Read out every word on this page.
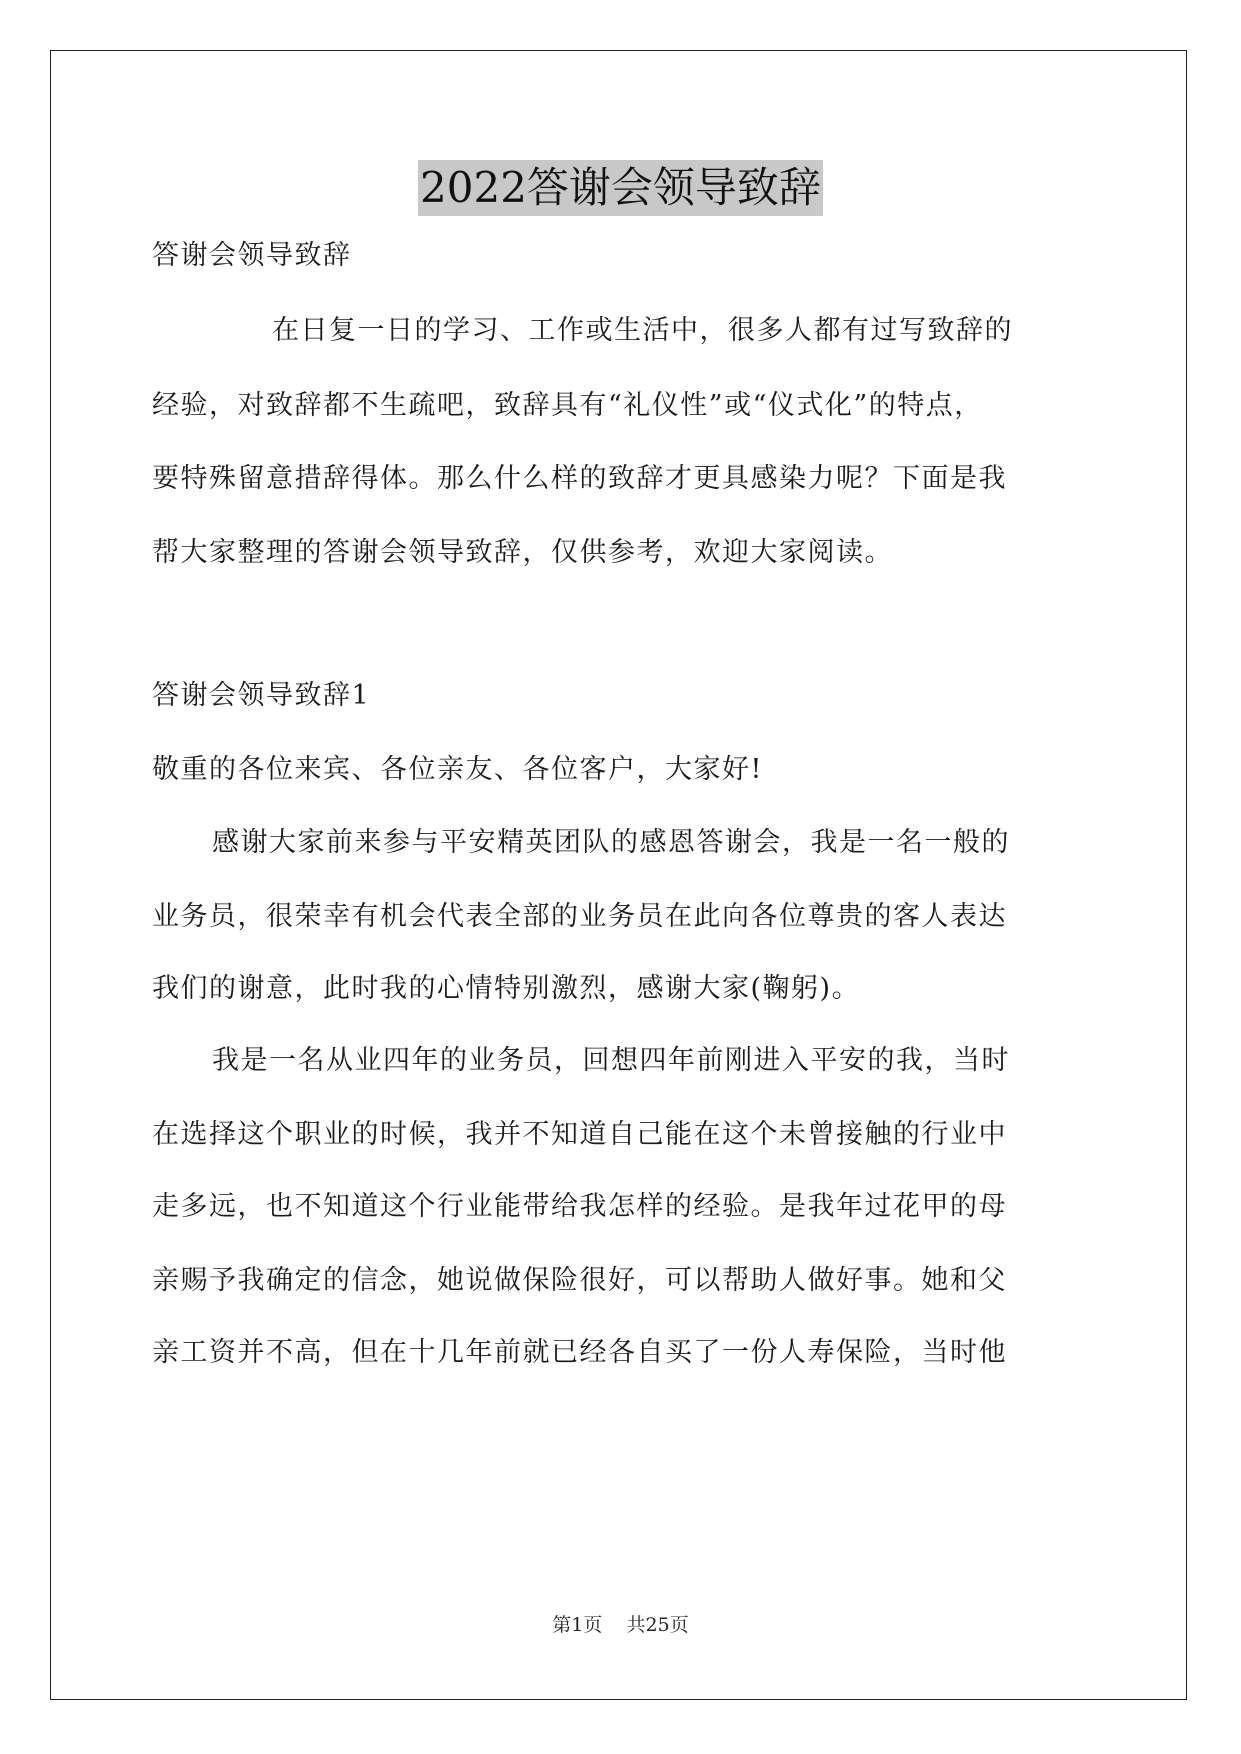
2022答谢会领导致辞
答谢会领导致辞
在日复一日的学习、工作或生活中，很多人都有过写致辞的
经验，对致辞都不生疏吧，致辞具有“礼仪性”或“仪式化”的特点，
要特殊留意措辞得体。那么什么样的致辞才更具感染力呢？下面是我
帮大家整理的答谢会领导致辞，仅供参考，欢迎大家阅读。
答谢会领导致辞1
敬重的各位来宾、各位亲友、各位客户，大家好!
感谢大家前来参与平安精英团队的感恩答谢会，我是一名一般的
业务员，很荣幸有机会代表全部的业务员在此向各位尊贵的客人表达
我们的谢意，此时我的心情特别激烈，感谢大家(鞠躬)。
我是一名从业四年的业务员，回想四年前刚进入平安的我，当时
在选择这个职业的时候，我并不知道自己能在这个未曾接触的行业中
走多远，也不知道这个行业能带给我怎样的经验。是我年过花甲的母
亲赐予我确定的信念，她说做保险很好，可以帮助人做好事。她和父
亲工资并不高，但在十几年前就已经各自买了一份人寿保险，当时他
第1页 共25页
